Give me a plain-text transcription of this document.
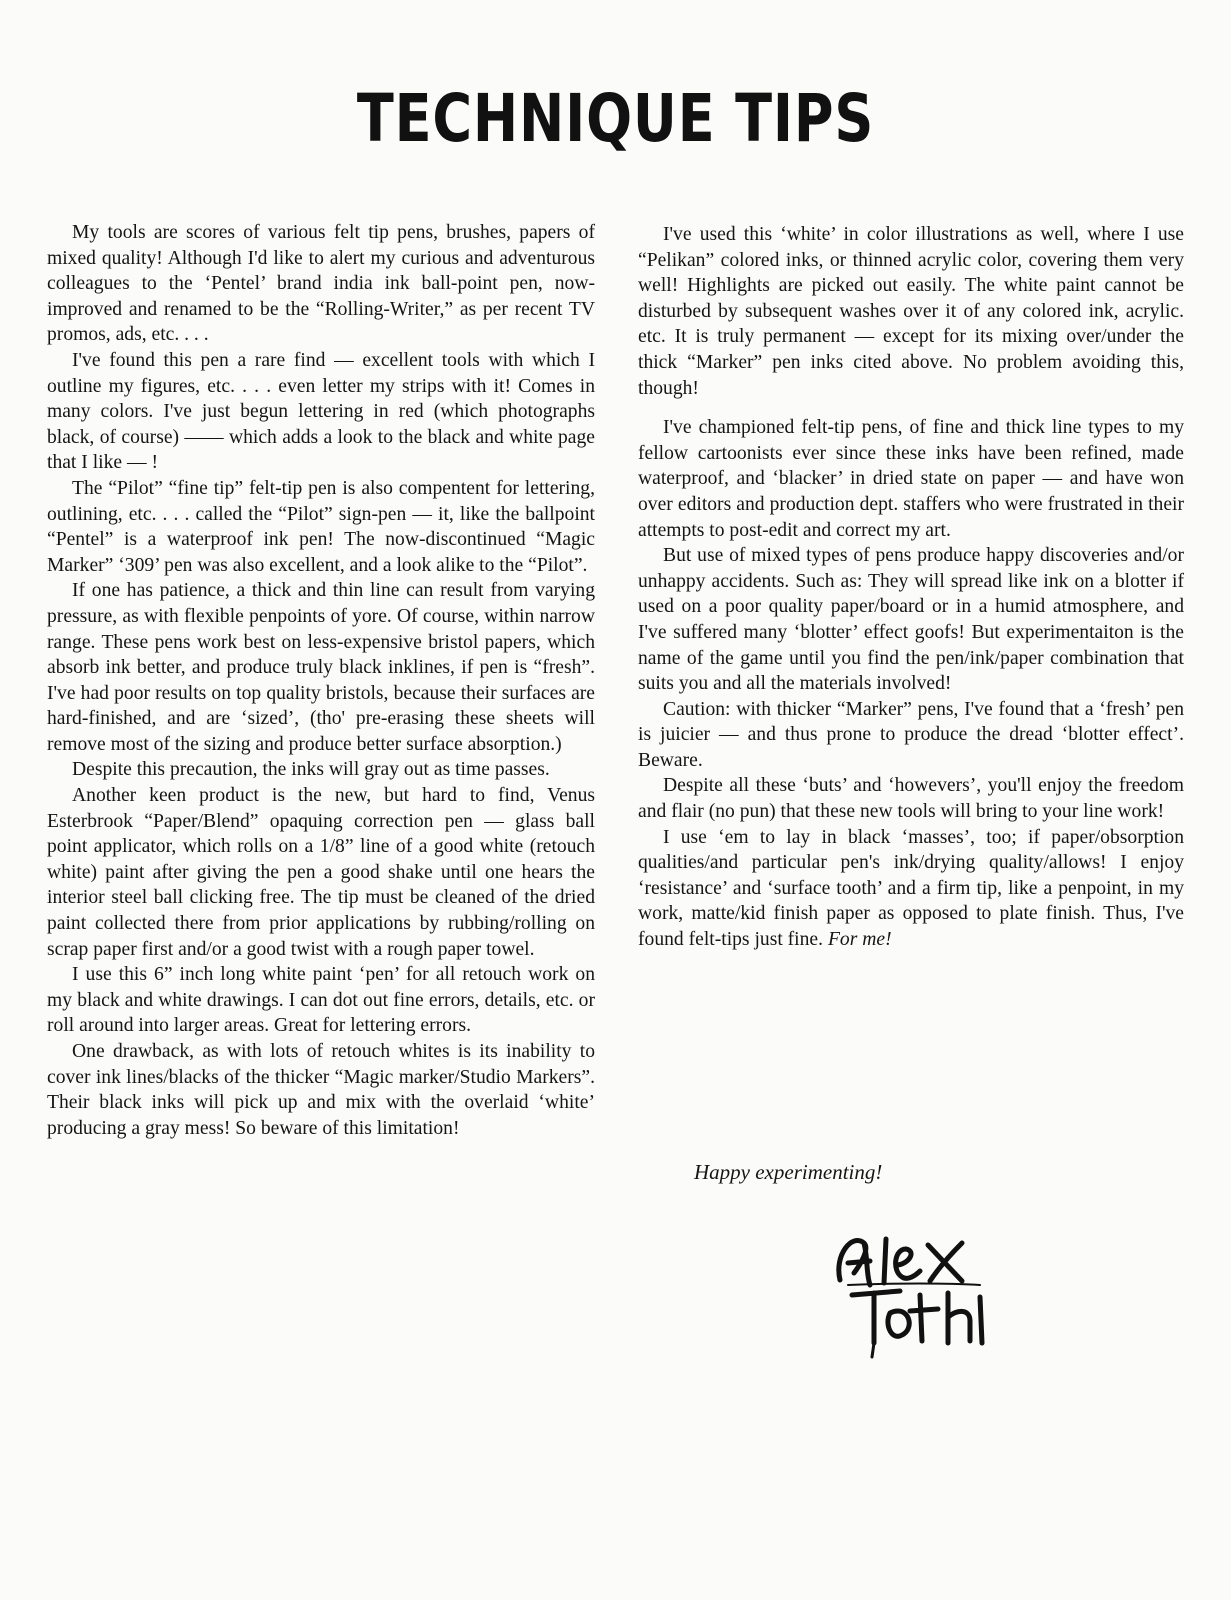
TECHNIQUE TIPS

My tools are scores of various felt tip pens, brushes, papers of mixed quality! Although I'd like to alert my curious and adventurous colleagues to the ‘Pentel’ brand india ink ball-point pen, now-improved and renamed to be the “Rolling-Writer,” as per recent TV promos, ads, etc. . . .

I've found this pen a rare find — excellent tools with which I outline my figures, etc. . . . even letter my strips with it! Comes in many colors. I've just begun lettering in red (which photographs black, of course) —— which adds a look to the black and white page that I like — !

The “Pilot” “fine tip” felt-tip pen is also compentent for lettering, outlining, etc. . . . called the “Pilot” sign-pen — it, like the ballpoint “Pentel” is a waterproof ink pen! The now-discontinued “Magic Marker” ‘309’ pen was also excellent, and a look alike to the “Pilot”.

If one has patience, a thick and thin line can result from varying pressure, as with flexible penpoints of yore. Of course, within narrow range. These pens work best on less-expensive bristol papers, which absorb ink better, and produce truly black inklines, if pen is “fresh”. I've had poor results on top quality bristols, because their surfaces are hard-finished, and are ‘sized’, (tho' pre-erasing these sheets will remove most of the sizing and produce better surface absorption.)

Despite this precaution, the inks will gray out as time passes.

Another keen product is the new, but hard to find, Venus Esterbrook “Paper/Blend” opaquing correction pen — glass ball point applicator, which rolls on a 1/8” line of a good white (retouch white) paint after giving the pen a good shake until one hears the interior steel ball clicking free. The tip must be cleaned of the dried paint collected there from prior applications by rubbing/rolling on scrap paper first and/or a good twist with a rough paper towel.

I use this 6” inch long white paint ‘pen’ for all retouch work on my black and white drawings. I can dot out fine errors, details, etc. or roll around into larger areas. Great for lettering errors.

One drawback, as with lots of retouch whites is its inability to cover ink lines/blacks of the thicker “Magic marker/Studio Markers”. Their black inks will pick up and mix with the overlaid ‘white’ producing a gray mess! So beware of this limitation!

I've used this ‘white’ in color illustrations as well, where I use “Pelikan” colored inks, or thinned acrylic color, covering them very well! Highlights are picked out easily. The white paint cannot be disturbed by subsequent washes over it of any colored ink, acrylic. etc. It is truly permanent — except for its mixing over/under the thick “Marker” pen inks cited above. No problem avoiding this, though!

I've championed felt-tip pens, of fine and thick line types to my fellow cartoonists ever since these inks have been refined, made waterproof, and ‘blacker’ in dried state on paper — and have won over editors and production dept. staffers who were frustrated in their attempts to post-edit and correct my art.

But use of mixed types of pens produce happy discoveries and/or unhappy accidents. Such as: They will spread like ink on a blotter if used on a poor quality paper/board or in a humid atmosphere, and I've suffered many ‘blotter’ effect goofs! But experimentaiton is the name of the game until you find the pen/ink/paper combination that suits you and all the materials involved!

Caution: with thicker “Marker” pens, I've found that a ‘fresh’ pen is juicier — and thus prone to produce the dread ‘blotter effect’. Beware.

Despite all these ‘buts’ and ‘howevers’, you'll enjoy the freedom and flair (no pun) that these new tools will bring to your line work!

I use ‘em to lay in black ‘masses’, too; if paper/obsorption qualities/and particular pen's ink/drying quality/allows! I enjoy ‘resistance’ and ‘surface tooth’ and a firm tip, like a penpoint, in my work, matte/kid finish paper as opposed to plate finish. Thus, I've found felt-tips just fine. For me!

Happy experimenting!
